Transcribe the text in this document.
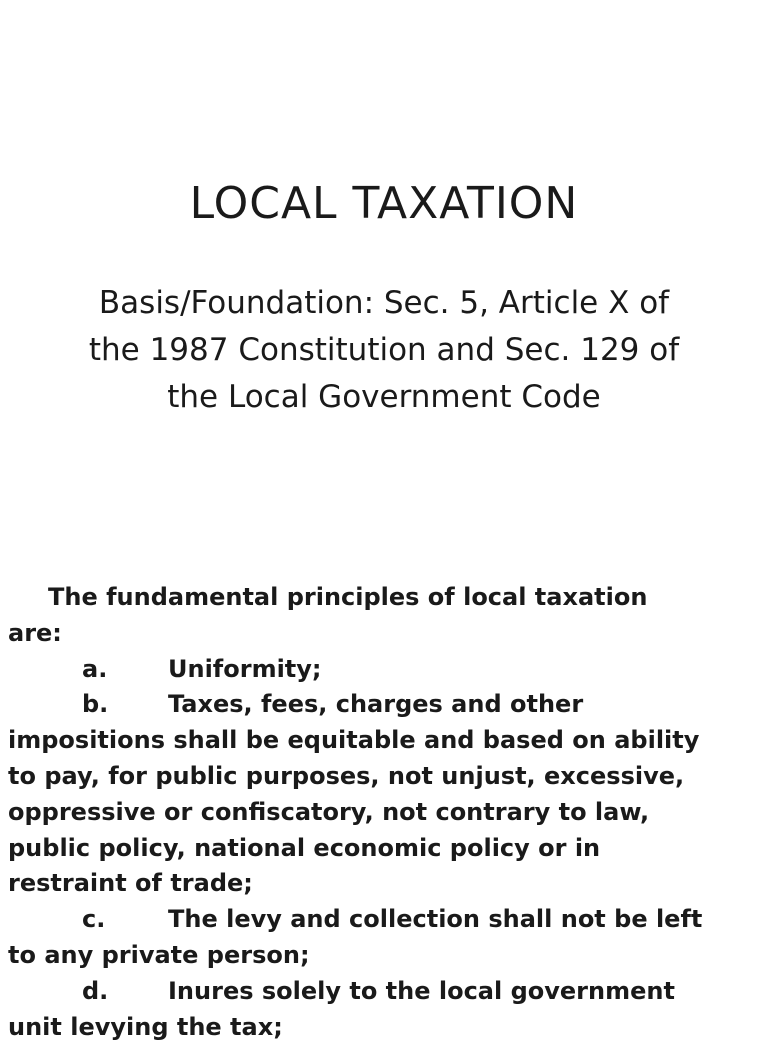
LOCAL TAXATION

Basis/Foundation: Sec. 5, Article X of
the 1987 Constitution and Sec. 129 of
the Local Government Code

The fundamental principles of local taxation
are:
a.	Uniformity;
b. Taxes, fees, charges and other
impositions shall be equitable and based on ability
to pay, for public purposes, not unjust, excessive,
oppressive or confiscatory, not contrary to law,
public policy, national economic policy or in
restraint of trade;
c.	The levy and collection shall not be left
to any private person;
d. Inures solely to the local government
unit levying the tax;
